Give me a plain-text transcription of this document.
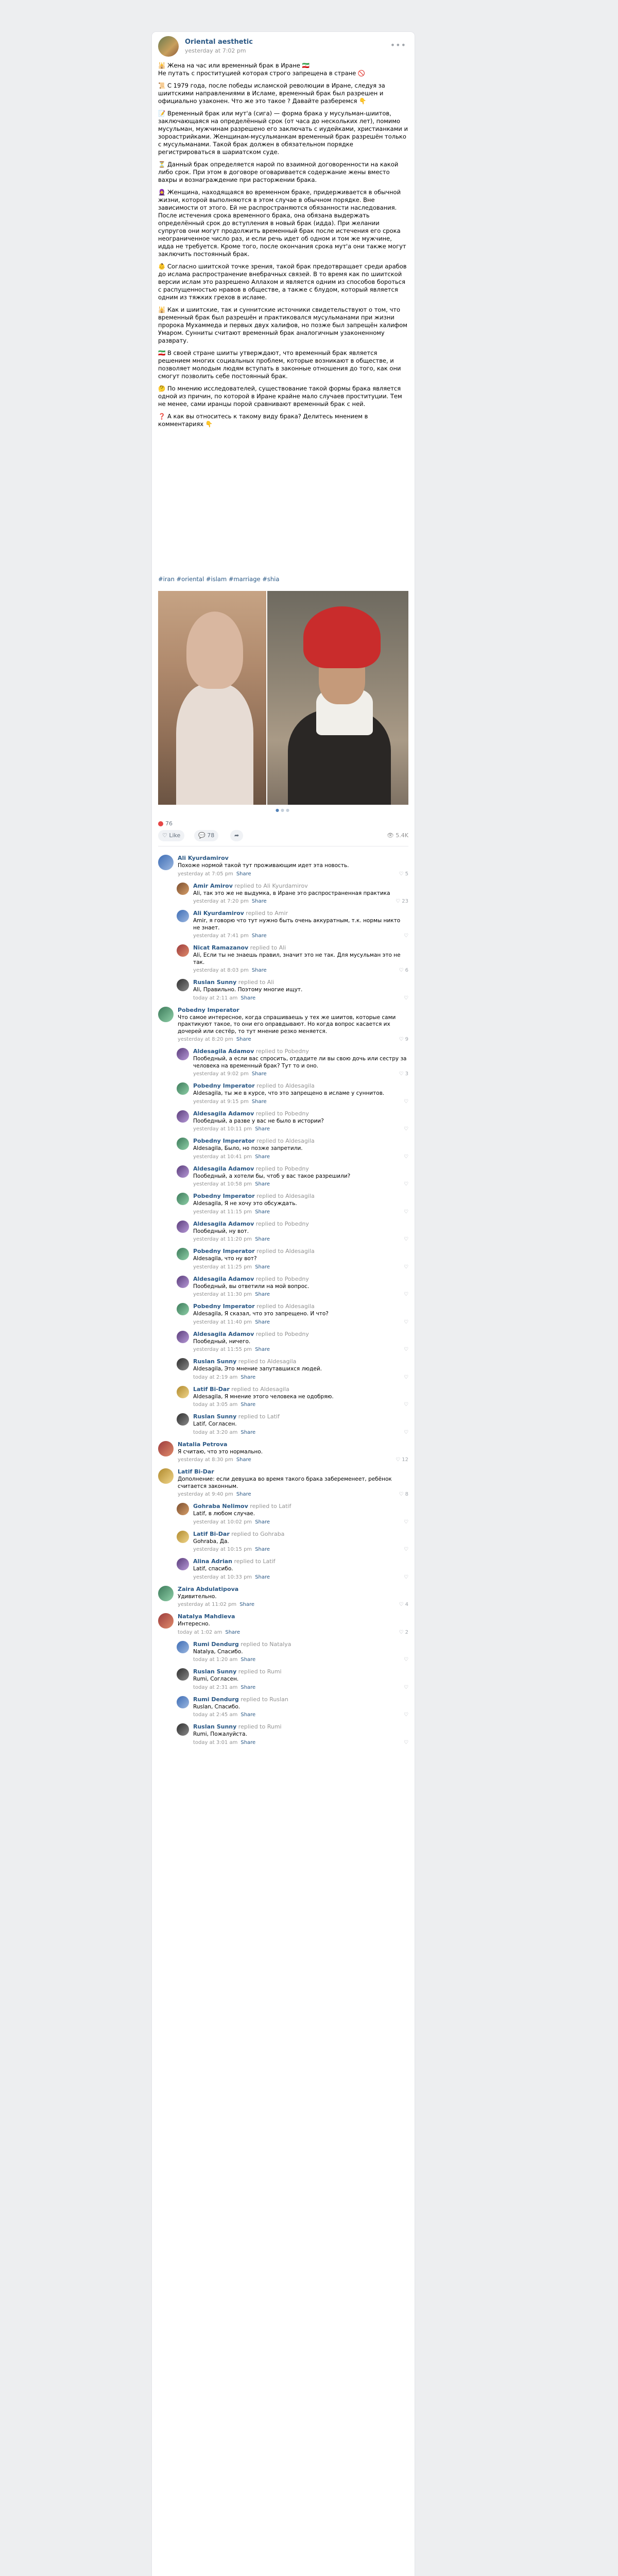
Oriental aesthetic
yesterday at 7:02 pm
•••

🕌 Жена на час или временный брак в Иране 🇮🇷
Не путать с проституцией которая строго запрещена в стране 🚫

📜 С 1979 года, после победы исламской революции в Иране, следуя за шиитскими направлениями в Исламе, временный брак был разрешен и официально узаконен. Что же это такое ? Давайте разберемся 👇

📝 Временный брак или мут'а (сига) — форма брака у мусульман-шиитов, заключающаяся на определённый срок (от часа до нескольких лет), помимо мусульман, мужчинам разрешено его заключать с иудейками, христианками и зороастрийками. Женщинам-мусульманкам временный брак разрешён только с мусульманами. Такой брак должен в обязательном порядке регистрироваться в шариатском суде.

⏳ Данный брак определяется нарой по взаимной договоренности на какой либо срок. При этом в договоре оговаривается содержание жены вместо вахры и вознаграждение при расторжении брака.

🧕 Женщина, находящаяся во временном браке, придерживается в обычной жизни, которой выполняются в этом случае в обычном порядке. Вне зависимости от этого. Ей не распространяются обязанности наследования. После истечения срока временного брака, она обязана выдержать определённый срок до вступления в новый брак (идда). При желании супругов они могут продолжить временный брак после истечения его срока неограниченное число раз, и если речь идет об одном и том же мужчине, идда не требуется. Кроме того, после окончания срока мут'а они также могут заключить постоянный брак.

👶 Согласно шиитской точке зрения, такой брак предотвращает среди арабов до ислама распространение внебрачных связей. В то время как по шиитской версии ислам это разрешено Аллахом и является одним из способов бороться с распущенностью нравов в обществе, а также с блудом, который является одним из тяжких грехов в исламе.

🕌 Как и шиитские, так и суннитские источники свидетельствуют о том, что временный брак был разрешён и практиковался мусульманами при жизни пророка Мухаммеда и первых двух халифов, но позже был запрещён халифом Умаром. Сунниты считают временный брак аналогичным узаконенному разврату.

🇮🇷 В своей стране шииты утверждают, что временный брак является решением многих социальных проблем, которые возникают в обществе, и позволяет молодым людям вступать в законные отношения до того, как они смогут позволить себе постоянный брак.

🤔 По мнению исследователей, существование такой формы брака является одной из причин, по которой в Иране крайне мало случаев проституции. Тем не менее, сами иранцы порой сравнивают временный брак с ней.

❓ А как вы относитесь к такому виду брака? Делитесь мнением в комментариях 👇

#iran #oriental #islam #marriage #shia
●●●
76
♡ Like	💬 78	➦	👁 5.4K
Ali Kyurdamirov
Похоже нормой такой тут проживающим идет эта новость.
yesterday at 7:05 pm Share	♡ 5
Amir Amirov replied to Ali Kyurdamirov
Ali, так это же не выдумка, в Иране это распространенная практика
yesterday at 7:20 pm Share	♡ 23
Ali Kyurdamirov replied to Amir
Amir, я говорю что тут нужно быть очень аккуратным, т.к. нормы никто не знает.
yesterday at 7:41 pm Share	♡
Nicat Ramazanov replied to Ali
Ali, Если ты не знаешь правил, значит это не так. Для мусульман это не так.
yesterday at 8:03 pm Share	♡ 6
Ruslan Sunny replied to Ali
Ali, Правильно. Поэтому многие ищут.
today at 2:11 am Share	♡
Pobedny Imperator
Что самое интересное, когда спрашиваешь у тех же шиитов, которые сами практикуют такое, то они его оправдывают. Но когда вопрос касается их дочерей или сестёр, то тут мнение резко меняется.
yesterday at 8:20 pm Share	♡ 9
Aldesagila Adamov replied to Pobedny
Пообедный, а если вас спросить, отдадите ли вы свою дочь или сестру за человека на временный брак? Тут то и оно.
yesterday at 9:02 pm Share	♡ 3
Pobedny Imperator replied to Aldesagila
Aldesagila, ты же в курсе, что это запрещено в исламе у суннитов.
yesterday at 9:15 pm Share	♡
Aldesagila Adamov replied to Pobedny
Пообедный, а разве у вас не было в истории?
yesterday at 10:11 pm Share	♡
Pobedny Imperator replied to Aldesagila
Aldesagila, Было, но позже запретили.
yesterday at 10:41 pm Share	♡
Aldesagila Adamov replied to Pobedny
Пообедный, а хотели бы, чтоб у вас такое разрешили?
yesterday at 10:58 pm Share	♡
Pobedny Imperator replied to Aldesagila
Aldesagila, Я не хочу это обсуждать.
yesterday at 11:15 pm Share	♡
Aldesagila Adamov replied to Pobedny
Пообедный, ну вот.
yesterday at 11:20 pm Share	♡
Pobedny Imperator replied to Aldesagila
Aldesagila, что ну вот?
yesterday at 11:25 pm Share	♡
Aldesagila Adamov replied to Pobedny
Пообедный, вы ответили на мой вопрос.
yesterday at 11:30 pm Share	♡
Pobedny Imperator replied to Aldesagila
Aldesagila, Я сказал, что это запрещено. И что?
yesterday at 11:40 pm Share	♡
Aldesagila Adamov replied to Pobedny
Пообедный, ничего.
yesterday at 11:55 pm Share	♡
Ruslan Sunny replied to Aldesagila
Aldesagila, Это мнение запутавшихся людей.
today at 2:19 am Share	♡
Latif Bi-Dar replied to Aldesagila
Aldesagila, Я мнение этого человека не одобряю.
today at 3:05 am Share	♡
Ruslan Sunny replied to Latif
Latif, Согласен.
today at 3:20 am Share	♡
Natalia Petrova
Я считаю, что это нормально.
yesterday at 8:30 pm Share	♡ 12
Latif Bi-Dar
Дополнение: если девушка во время такого брака забеременеет, ребёнок считается законным.
yesterday at 9:40 pm Share	♡ 8
Gohraba Nelimov replied to Latif
Latif, в любом случае.
yesterday at 10:02 pm Share	♡
Latif Bi-Dar replied to Gohraba
Gohraba, Да.
yesterday at 10:15 pm Share	♡
Alina Adrian replied to Latif
Latif, спасибо.
yesterday at 10:33 pm Share	♡
Zaira Abdulatipova
Удивительно.
yesterday at 11:02 pm Share	♡ 4
Natalya Mahdieva
Интересно.
today at 1:02 am Share	♡ 2
Rumi Dendurg replied to Natalya
Natalya, Спасибо.
today at 1:20 am Share	♡
Ruslan Sunny replied to Rumi
Rumi, Согласен.
today at 2:31 am Share	♡
Rumi Dendurg replied to Ruslan
Ruslan, Спасибо.
today at 2:45 am Share	♡
Ruslan Sunny replied to Rumi
Rumi, Пожалуйста.
today at 3:01 am Share	♡
